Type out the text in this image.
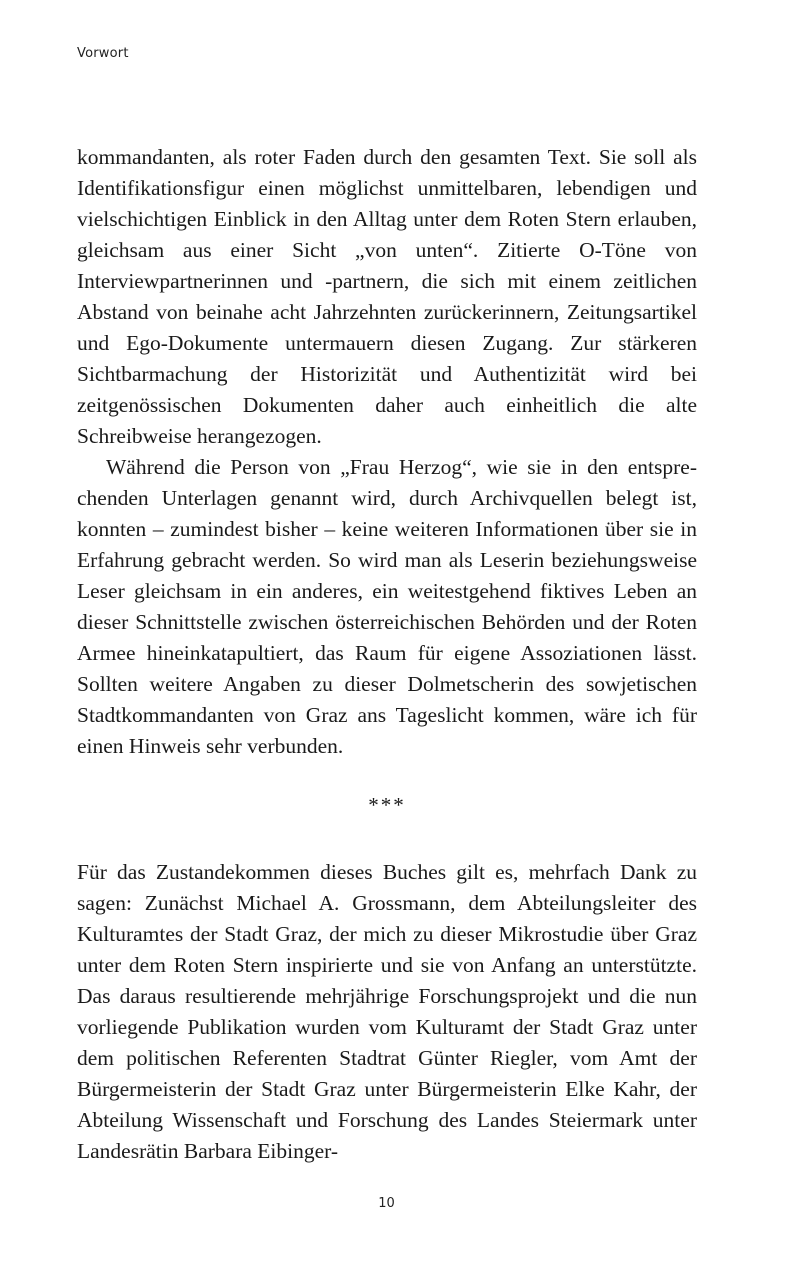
Vorwort

kommandanten, als roter Faden durch den gesamten Text. Sie soll als Identifikationsfigur einen möglichst unmittelbaren, lebendigen und vielschichtigen Einblick in den Alltag unter dem Roten Stern erlauben, gleichsam aus einer Sicht „von unten“. Zitierte O-Töne von Interviewpartnerinnen und -partnern, die sich mit einem zeitlichen Abstand von beinahe acht Jahrzehnten zurückerinnern, Zeitungsartikel und Ego-Dokumente untermauern diesen Zugang. Zur stärkeren Sichtbarmachung der Historizität und Authentizität wird bei zeitgenössischen Dokumenten daher auch einheitlich die alte Schreibweise herangezogen.

Während die Person von „Frau Herzog“, wie sie in den entsprechenden Unterlagen genannt wird, durch Archivquellen belegt ist, konnten – zumindest bisher – keine weiteren Informationen über sie in Erfahrung gebracht werden. So wird man als Leserin beziehungsweise Leser gleichsam in ein anderes, ein weitestgehend fiktives Leben an dieser Schnittstelle zwischen österreichischen Behörden und der Roten Armee hineinkatapultiert, das Raum für eigene Assoziationen lässt. Sollten weitere Angaben zu dieser Dolmetscherin des sowjetischen Stadtkommandanten von Graz ans Tageslicht kommen, wäre ich für einen Hinweis sehr verbunden.

***

Für das Zustandekommen dieses Buches gilt es, mehrfach Dank zu sagen: Zunächst Michael A. Grossmann, dem Abteilungsleiter des Kulturamtes der Stadt Graz, der mich zu dieser Mikrostudie über Graz unter dem Roten Stern inspirierte und sie von Anfang an unterstützte. Das daraus resultierende mehrjährige Forschungsprojekt und die nun vorliegende Publikation wurden vom Kulturamt der Stadt Graz unter dem politischen Referenten Stadtrat Günter Riegler, vom Amt der Bürgermeisterin der Stadt Graz unter Bürgermeisterin Elke Kahr, der Abteilung Wissenschaft und Forschung des Landes Steiermark unter Landesrätin Barbara Eibinger-

10
